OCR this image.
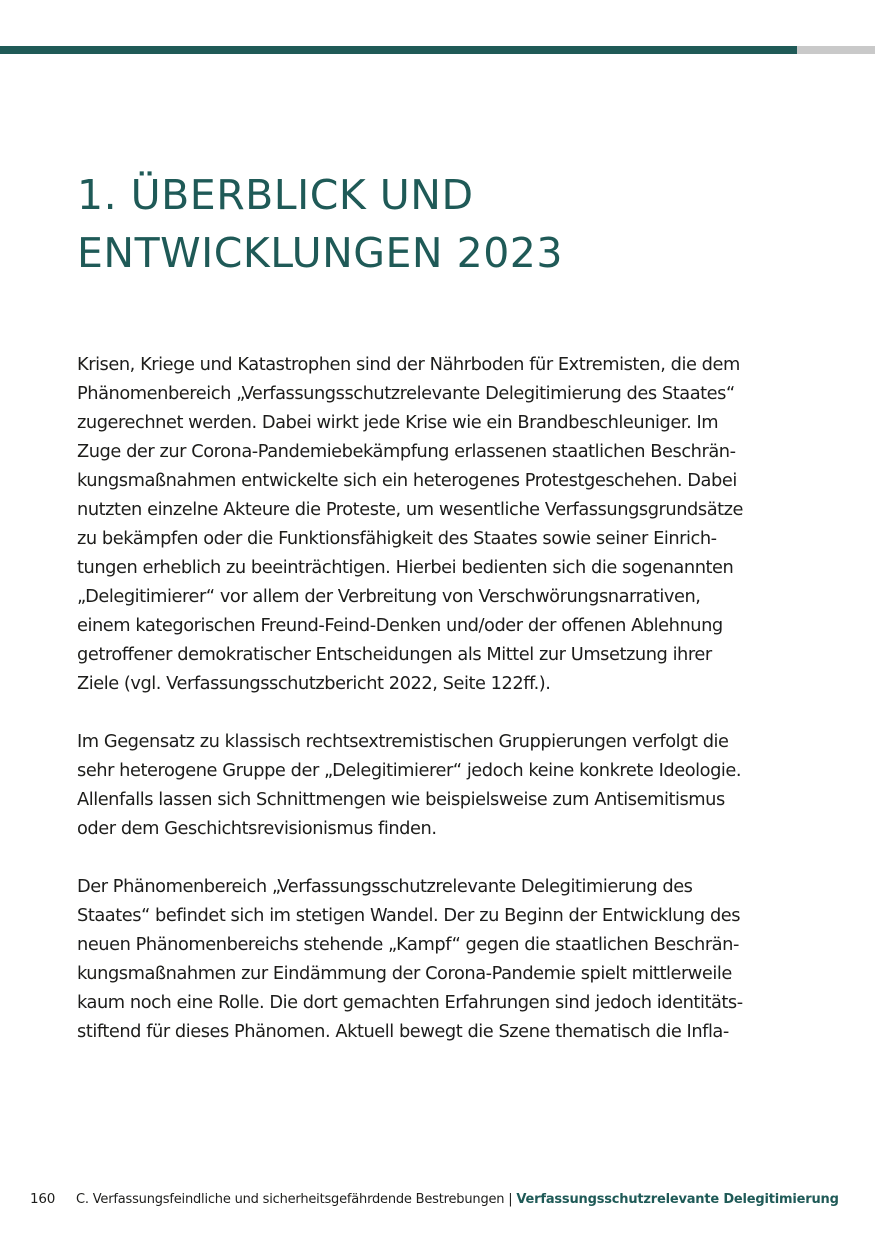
1. ÜBERBLICK UND
ENTWICKLUNGEN 2023

Krisen, Kriege und Katastrophen sind der Nährboden für Extremisten, die dem
Phänomenbereich „Verfassungsschutzrelevante Delegitimierung des Staates“
zugerechnet werden. Dabei wirkt jede Krise wie ein Brandbeschleuniger. Im
Zuge der zur Corona-Pandemiebekämpfung erlassenen staatlichen Beschrän-
kungsmaßnahmen entwickelte sich ein heterogenes Protestgeschehen. Dabei
nutzten einzelne Akteure die Proteste, um wesentliche Verfassungsgrundsätze
zu bekämpfen oder die Funktionsfähigkeit des Staates sowie seiner Einrich-
tungen erheblich zu beeinträchtigen. Hierbei bedienten sich die sogenannten
„Delegitimierer“ vor allem der Verbreitung von Verschwörungsnarrativen,
einem kategorischen Freund-Feind-Denken und/oder der offenen Ablehnung
getroffener demokratischer Entscheidungen als Mittel zur Umsetzung ihrer
Ziele (vgl. Verfassungsschutzbericht 2022, Seite 122ff.).

Im Gegensatz zu klassisch rechtsextremistischen Gruppierungen verfolgt die
sehr heterogene Gruppe der „Delegitimierer“ jedoch keine konkrete Ideologie.
Allenfalls lassen sich Schnittmengen wie beispielsweise zum Antisemitismus
oder dem Geschichtsrevisionismus finden.

Der Phänomenbereich „Verfassungsschutzrelevante Delegitimierung des
Staates“ befindet sich im stetigen Wandel. Der zu Beginn der Entwicklung des
neuen Phänomenbereichs stehende „Kampf“ gegen die staatlichen Beschrän-
kungsmaßnahmen zur Eindämmung der Corona-Pandemie spielt mittlerweile
kaum noch eine Rolle. Die dort gemachten Erfahrungen sind jedoch identitäts-
stiftend für dieses Phänomen. Aktuell bewegt die Szene thematisch die Infla-

160 C. Verfassungsfeindliche und sicherheitsgefährdende Bestrebungen | Verfassungsschutzrelevante Delegitimierung
